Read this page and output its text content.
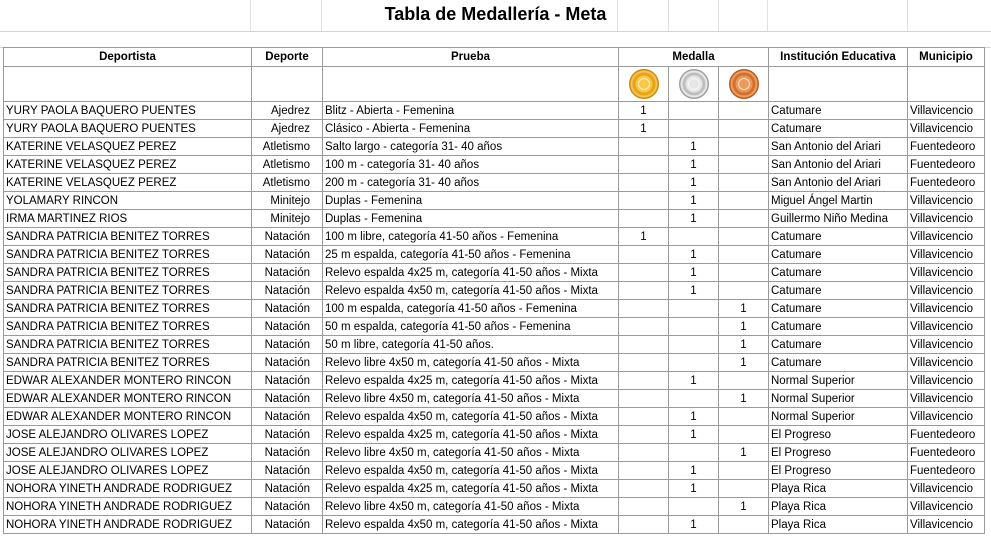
Tabla de Medallería - Meta
Deportista	Deporte	Prueba	Medalla			Institución Educativa	Municipio

YURY PAOLA BAQUERO PUENTES	Ajedrez	Blitz - Abierta - Femenina	1			Catumare	Villavicencio
YURY PAOLA BAQUERO PUENTES	Ajedrez	Clásico - Abierta - Femenina	1			Catumare	Villavicencio
KATERINE VELASQUEZ PEREZ	Atletismo	Salto largo - categoría 31- 40 años		1		San Antonio del Ariari	Fuentedeoro
KATERINE VELASQUEZ PEREZ	Atletismo	100 m - categoría 31- 40 años		1		San Antonio del Ariari	Fuentedeoro
KATERINE VELASQUEZ PEREZ	Atletismo	200 m - categoría 31- 40 años		1		San Antonio del Ariari	Fuentedeoro
YOLAMARY RINCON	Minitejo	Duplas - Femenina		1		Miguel Ángel Martin	Villavicencio
IRMA MARTINEZ RIOS	Minitejo	Duplas - Femenina		1		Guillermo Niño Medina	Villavicencio
SANDRA PATRICIA BENITEZ TORRES	Natación	100 m libre, categoría 41-50 años - Femenina	1			Catumare	Villavicencio
SANDRA PATRICIA BENITEZ TORRES	Natación	25 m espalda, categoría 41-50 años - Femenina		1		Catumare	Villavicencio
SANDRA PATRICIA BENITEZ TORRES	Natación	Relevo espalda 4x25 m, categoría 41-50 años - Mixta		1		Catumare	Villavicencio
SANDRA PATRICIA BENITEZ TORRES	Natación	Relevo espalda 4x50 m, categoría 41-50 años - Mixta		1		Catumare	Villavicencio
SANDRA PATRICIA BENITEZ TORRES	Natación	100 m espalda, categoría 41-50 años - Femenina			1	Catumare	Villavicencio
SANDRA PATRICIA BENITEZ TORRES	Natación	50 m espalda, categoría 41-50 años - Femenina			1	Catumare	Villavicencio
SANDRA PATRICIA BENITEZ TORRES	Natación	50 m libre, categoría 41-50 años.			1	Catumare	Villavicencio
SANDRA PATRICIA BENITEZ TORRES	Natación	Relevo libre 4x50 m, categoría 41-50 años - Mixta			1	Catumare	Villavicencio
EDWAR ALEXANDER MONTERO RINCON	Natación	Relevo espalda 4x25 m, categoría 41-50 años - Mixta		1		Normal Superior	Villavicencio
EDWAR ALEXANDER MONTERO RINCON	Natación	Relevo libre 4x50 m, categoría 41-50 años - Mixta			1	Normal Superior	Villavicencio
EDWAR ALEXANDER MONTERO RINCON	Natación	Relevo espalda 4x50 m, categoría 41-50 años - Mixta		1		Normal Superior	Villavicencio
JOSE ALEJANDRO OLIVARES LOPEZ	Natación	Relevo espalda 4x25 m, categoría 41-50 años - Mixta		1		El Progreso	Fuentedeoro
JOSE ALEJANDRO OLIVARES LOPEZ	Natación	Relevo libre 4x50 m, categoría 41-50 años - Mixta			1	El Progreso	Fuentedeoro
JOSE ALEJANDRO OLIVARES LOPEZ	Natación	Relevo espalda 4x50 m, categoría 41-50 años - Mixta		1		El Progreso	Fuentedeoro
NOHORA YINETH ANDRADE RODRIGUEZ	Natación	Relevo espalda 4x25 m, categoría 41-50 años - Mixta		1		Playa Rica	Villavicencio
NOHORA YINETH ANDRADE RODRIGUEZ	Natación	Relevo libre 4x50 m, categoría 41-50 años - Mixta			1	Playa Rica	Villavicencio
NOHORA YINETH ANDRADE RODRIGUEZ	Natación	Relevo espalda 4x50 m, categoría 41-50 años - Mixta		1		Playa Rica	Villavicencio
